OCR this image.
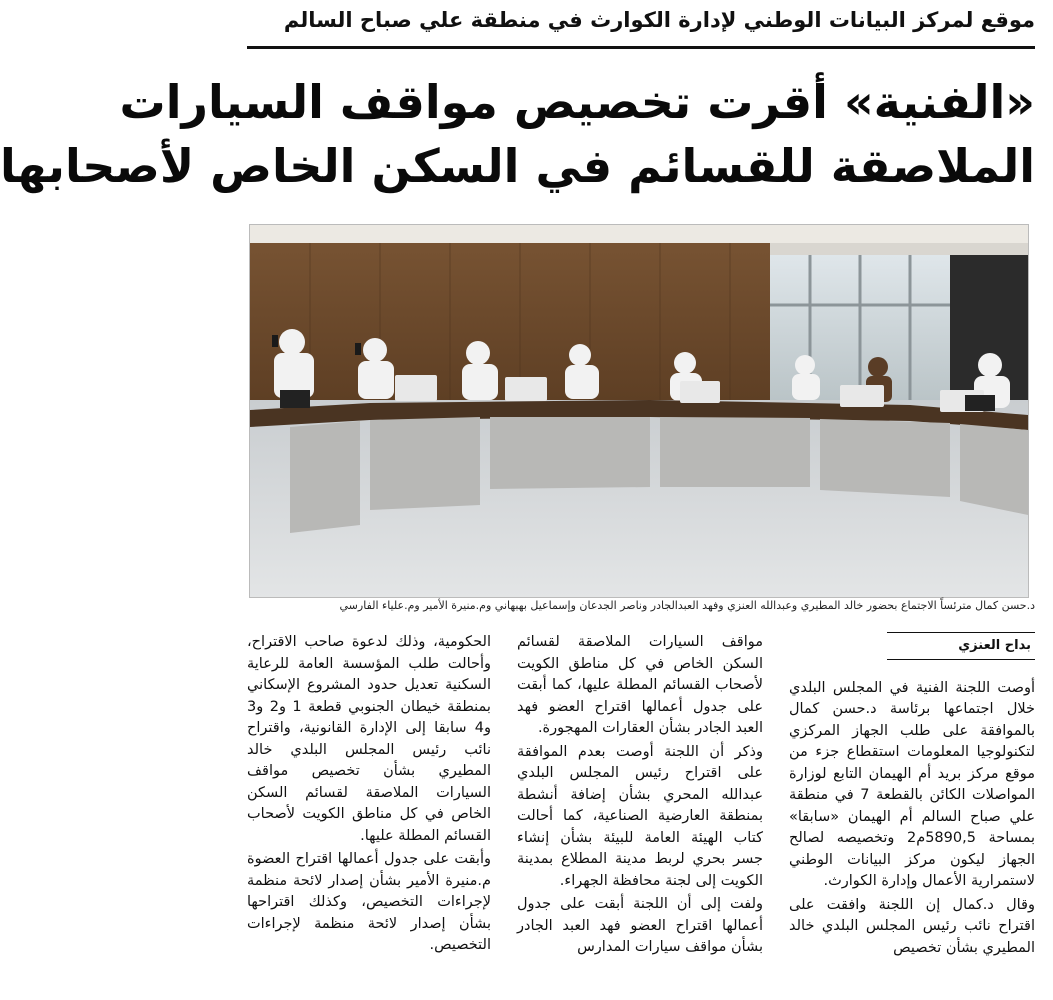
موقع لمركز البيانات الوطني لإدارة الكوارث في منطقة علي صباح السالم
«الفنية» أقرت تخصيص مواقف السيارات
الملاصقة للقسائم في السكن الخاص لأصحابها
د.حسن كمال مترئساً الاجتماع بحضور خالد المطيري وعبدالله العنزي وفهد العبدالجادر وناصر الجدعان وإسماعيل بهبهاني وم.منيرة الأمير وم.علياء الفارسي
بداح العنزي

أوصت اللجنة الفنية في المجلس البلدي خلال اجتماعها برئاسة د.حسن كمال بالموافقة على طلب الجهاز المركزي لتكنولوجيا المعلومات استقطاع جزء من موقع مركز بريد أم الهيمان التابع لوزارة المواصلات الكائن بالقطعة 7 في منطقة علي صباح السالم أم الهيمان «سابقا» بمساحة 5890,5م2 وتخصيصه لصالح الجهاز ليكون مركز البيانات الوطني لاستمرارية الأعمال وإدارة الكوارث.

وقال د.كمال إن اللجنة وافقت على اقتراح نائب رئيس المجلس البلدي خالد المطيري بشأن تخصيص

مواقف السيارات الملاصقة لقسائم السكن الخاص في كل مناطق الكويت لأصحاب القسائم المطلة عليها، كما أبقت على جدول أعمالها اقتراح العضو فهد العبد الجادر بشأن العقارات المهجورة.

وذكر أن اللجنة أوصت بعدم الموافقة على اقتراح رئيس المجلس البلدي عبدالله المحري بشأن إضافة أنشطة بمنطقة العارضية الصناعية، كما أحالت كتاب الهيئة العامة للبيئة بشأن إنشاء جسر بحري لربط مدينة المطلاع بمدينة الكويت إلى لجنة محافظة الجهراء.

ولفت إلى أن اللجنة أبقت على جدول أعمالها اقتراح العضو فهد العبد الجادر بشأن مواقف سيارات المدارس

الحكومية، وذلك لدعوة صاحب الاقتراح، وأحالت طلب المؤسسة العامة للرعاية السكنية تعديل حدود المشروع الإسكاني بمنطقة خيطان الجنوبي قطعة 1 و2 و3 و4 سابقا إلى الإدارة القانونية، واقتراح نائب رئيس المجلس البلدي خالد المطيري بشأن تخصيص مواقف السيارات الملاصقة لقسائم السكن الخاص في كل مناطق الكويت لأصحاب القسائم المطلة عليها.

وأبقت على جدول أعمالها اقتراح العضوة م.منيرة الأمير بشأن إصدار لائحة منظمة لإجراءات التخصيص، وكذلك اقتراحها بشأن إصدار لائحة منظمة لإجراءات التخصيص.
